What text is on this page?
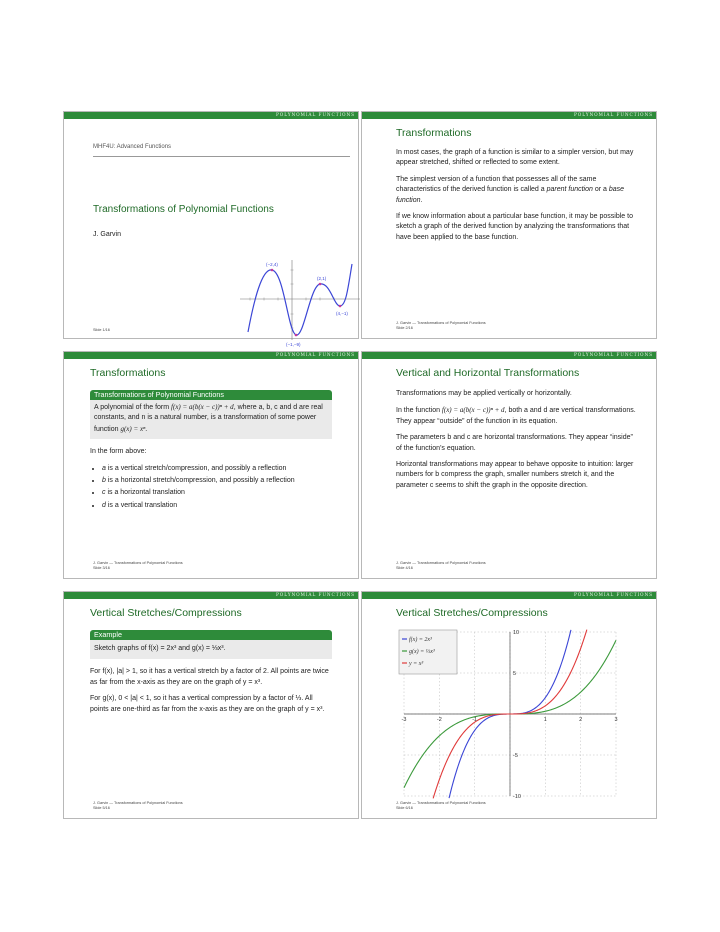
POLYNOMIAL FUNCTIONS
MHF4U: Advanced Functions
Transformations of Polynomial Functions
J. Garvin
(−2,4)
(2,1)
(4,−1)
(−1,−9)
Slide 1/16
POLYNOMIAL FUNCTIONS
Transformations

In most cases, the graph of a function is similar to a simpler version, but may appear stretched, shifted or reflected to some extent.

The simplest version of a function that possesses all of the same characteristics of the derived function is called a parent function or a base function.

If we know information about a particular base function, it may be possible to sketch a graph of the derived function by analyzing the transformations that have been applied to the base function.

J. Garvin — Transformations of Polynomial Functions
Slide 2/16
POLYNOMIAL FUNCTIONS
Transformations
Transformations of Polynomial Functions
A polynomial of the form f(x) = a(b(x − c))ⁿ + d, where a, b, c and d are real constants, and n is a natural number, is a transformation of some power function g(x) = xⁿ.

In the form above:

• a is a vertical stretch/compression, and possibly a reflection
• b is a horizontal stretch/compression, and possibly a reflection
• c is a horizontal translation
• d is a vertical translation
J. Garvin — Transformations of Polynomial Functions
Slide 3/16
POLYNOMIAL FUNCTIONS
Vertical and Horizontal Transformations

Transformations may be applied vertically or horizontally.

In the function f(x) = a(b(x − c))ⁿ + d, both a and d are vertical transformations. They appear “outside” of the function in its equation.

The parameters b and c are horizontal transformations. They appear “inside” of the function’s equation.

Horizontal transformations may appear to behave opposite to intuition: larger numbers for b compress the graph, smaller numbers stretch it, and the parameter c seems to shift the graph in the opposite direction.

J. Garvin — Transformations of Polynomial Functions
Slide 4/16
POLYNOMIAL FUNCTIONS
Vertical Stretches/Compressions
Example
Sketch graphs of f(x) = 2x³ and g(x) = ⅓x³.

For f(x), |a| > 1, so it has a vertical stretch by a factor of 2. All points are twice as far from the x-axis as they are on the graph of y = x³.

For g(x), 0 < |a| < 1, so it has a vertical compression by a factor of ⅓. All points are one-third as far from the x-axis as they are on the graph of y = x³.

J. Garvin — Transformations of Polynomial Functions
Slide 5/16
POLYNOMIAL FUNCTIONS
Vertical Stretches/Compressions
-3	-2	-1	1	2	3
10
5
-5
-10
f(x) = 2x³
g(x) = ⅓x³
y = x³
J. Garvin — Transformations of Polynomial Functions
Slide 6/16
